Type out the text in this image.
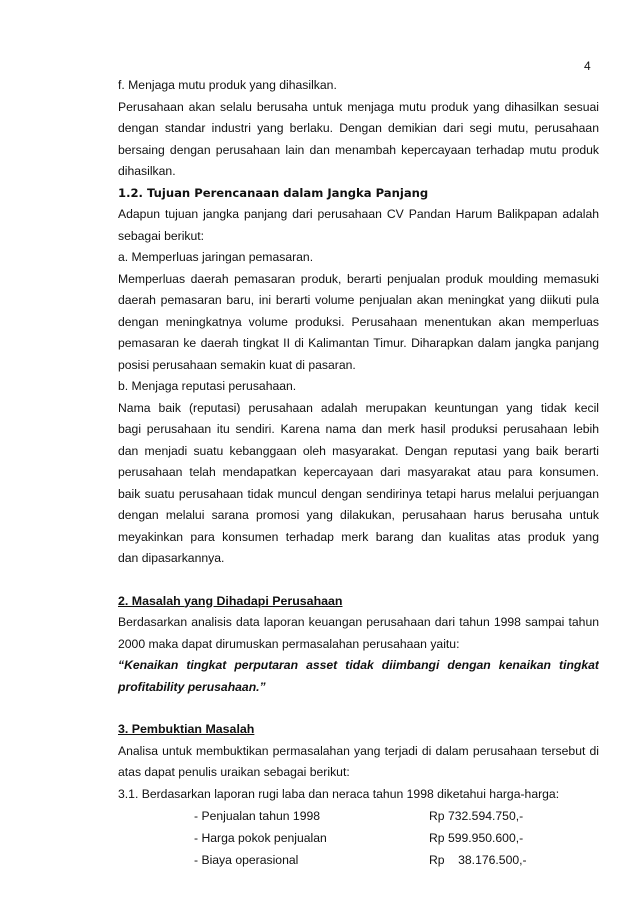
4
f. Menjaga mutu produk yang dihasilkan.
Perusahaan akan selalu berusaha untuk menjaga mutu produk yang dihasilkan sesuai
dengan standar industri yang berlaku. Dengan demikian dari segi mutu, perusahaan
bersaing dengan perusahaan lain dan menambah kepercayaan terhadap mutu produk
dihasilkan.
1.2. Tujuan Perencanaan dalam Jangka Panjang
Adapun tujuan jangka panjang dari perusahaan CV Pandan Harum Balikpapan adalah
sebagai berikut:
a. Memperluas jaringan pemasaran.
Memperluas daerah pemasaran produk, berarti penjualan produk moulding memasuki
daerah pemasaran baru, ini berarti volume penjualan akan meningkat yang diikuti pula
dengan meningkatnya volume produksi. Perusahaan menentukan akan memperluas
pemasaran ke daerah tingkat II di Kalimantan Timur. Diharapkan dalam jangka panjang
posisi perusahaan semakin kuat di pasaran.
b. Menjaga reputasi perusahaan.
Nama baik (reputasi) perusahaan adalah merupakan keuntungan yang tidak kecil
bagi perusahaan itu sendiri. Karena nama dan merk hasil produksi perusahaan lebih
dan menjadi suatu kebanggaan oleh masyarakat. Dengan reputasi yang baik berarti
perusahaan telah mendapatkan kepercayaan dari masyarakat atau para konsumen.
baik suatu perusahaan tidak muncul dengan sendirinya tetapi harus melalui perjuangan
dengan melalui sarana promosi yang dilakukan, perusahaan harus berusaha untuk
meyakinkan para konsumen terhadap merk barang dan kualitas atas produk yang
dan dipasarkannya.
2. Masalah yang Dihadapi Perusahaan
Berdasarkan analisis data laporan keuangan perusahaan dari tahun 1998 sampai tahun
2000 maka dapat dirumuskan permasalahan perusahaan yaitu:
“Kenaikan tingkat perputaran asset tidak diimbangi dengan kenaikan tingkat
profitability perusahaan.”
3. Pembuktian Masalah
Analisa untuk membuktikan permasalahan yang terjadi di dalam perusahaan tersebut di
atas dapat penulis uraikan sebagai berikut:
3.1. Berdasarkan laporan rugi laba dan neraca tahun 1998 diketahui harga-harga:
- Penjualan tahun 1998	Rp 732.594.750,-
- Harga pokok penjualan	Rp 599.950.600,-
- Biaya operasional	Rp    38.176.500,-
